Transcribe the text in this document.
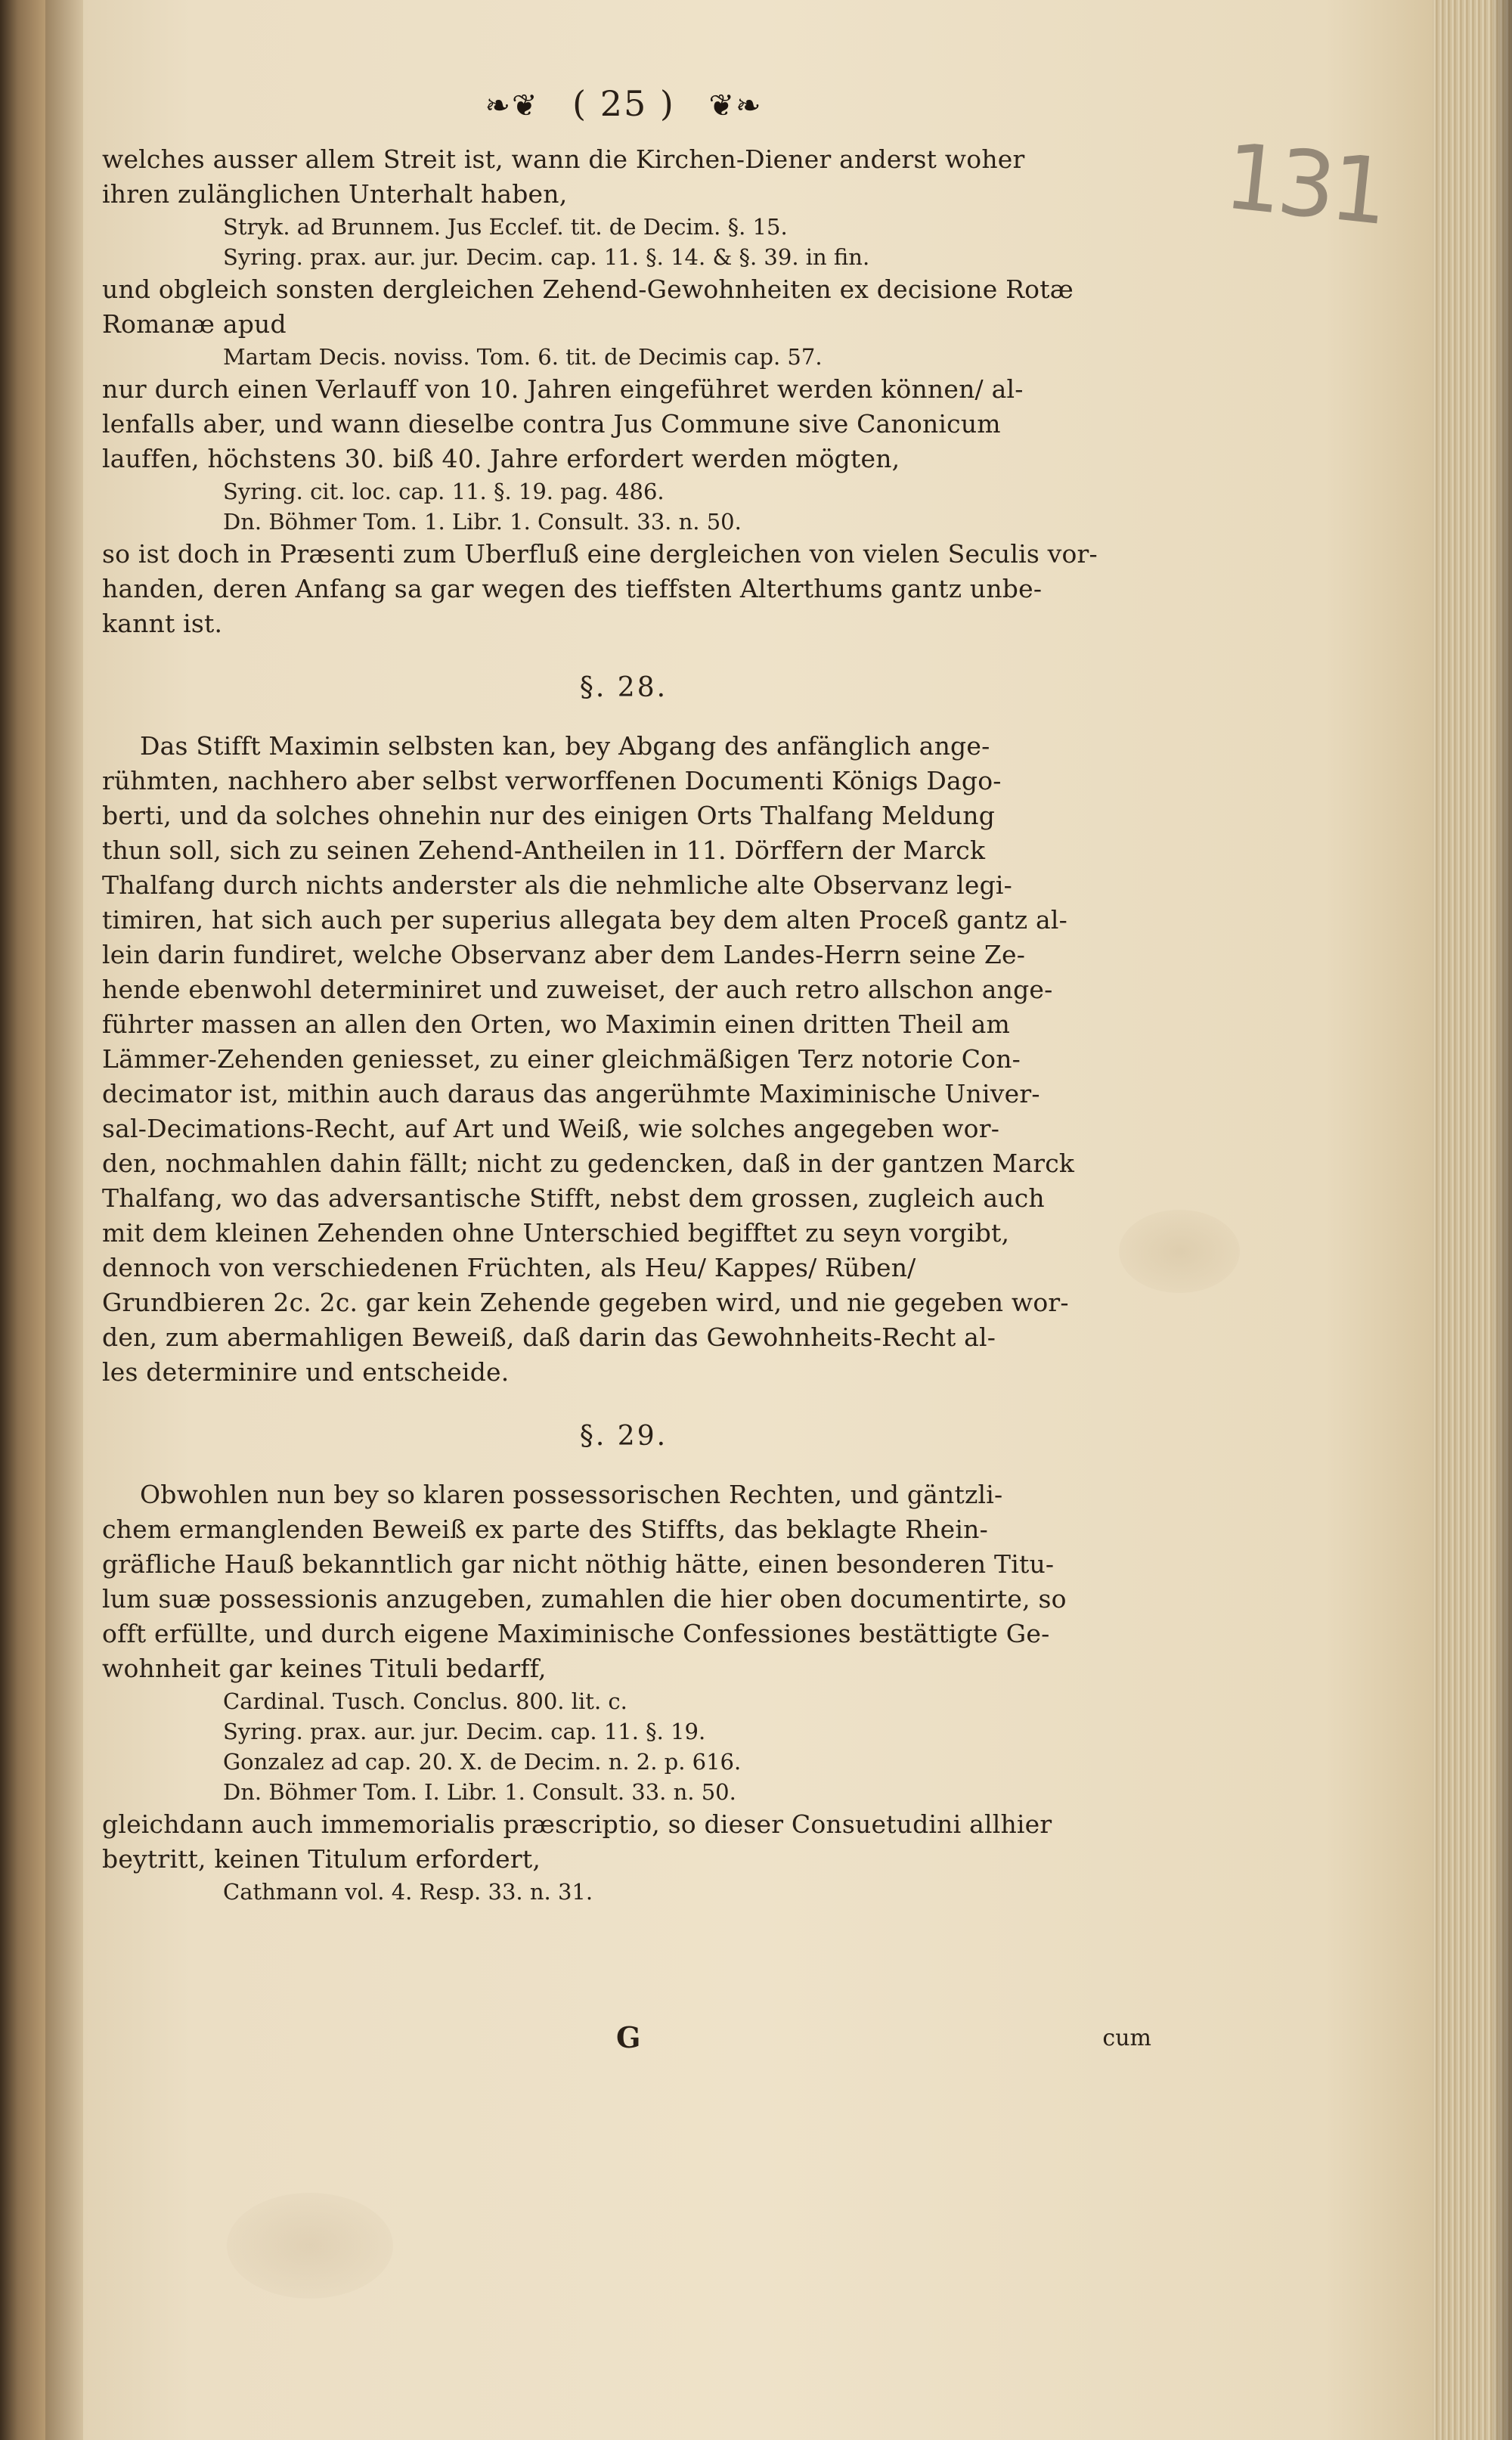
131
❧❦ ( 25 ) ❦❧
welches ausser allem Streit ist, wann die Kirchen-Diener anderst woher
ihren zulänglichen Unterhalt haben,
Stryk. ad Brunnem. Jus Ecclef. tit. de Decim. §. 15.
Syring. prax. aur. jur. Decim. cap. 11. §. 14. & §. 39. in fin.
und obgleich sonsten dergleichen Zehend-Gewohnheiten ex decisione Rotæ
Romanæ apud
Martam Decis. noviss. Tom. 6. tit. de Decimis cap. 57.
nur durch einen Verlauff von 10. Jahren eingeführet werden können/ al-
lenfalls aber, und wann dieselbe contra Jus Commune sive Canonicum
lauffen, höchstens 30. biß 40. Jahre erfordert werden mögten,
Syring. cit. loc. cap. 11. §. 19. pag. 486.
Dn. Böhmer Tom. 1. Libr. 1. Consult. 33. n. 50.
so ist doch in Præsenti zum Uberfluß eine dergleichen von vielen Seculis vor-
handen, deren Anfang sa gar wegen des tieffsten Alterthums gantz unbe-
kannt ist.
§. 28.
Das Stifft Maximin selbsten kan, bey Abgang des anfänglich ange-
rühmten, nachhero aber selbst verworffenen Documenti Königs Dago-
berti, und da solches ohnehin nur des einigen Orts Thalfang Meldung
thun soll, sich zu seinen Zehend-Antheilen in 11. Dörffern der Marck
Thalfang durch nichts anderster als die nehmliche alte Observanz legi-
timiren, hat sich auch per superius allegata bey dem alten Proceß gantz al-
lein darin fundiret, welche Observanz aber dem Landes-Herrn seine Ze-
hende ebenwohl determiniret und zuweiset, der auch retro allschon ange-
führter massen an allen den Orten, wo Maximin einen dritten Theil am
Lämmer-Zehenden geniesset, zu einer gleichmäßigen Terz notorie Con-
decimator ist, mithin auch daraus das angerühmte Maximinische Univer-
sal-Decimations-Recht, auf Art und Weiß, wie solches angegeben wor-
den, nochmahlen dahin fällt; nicht zu gedencken, daß in der gantzen Marck
Thalfang, wo das adversantische Stifft, nebst dem grossen, zugleich auch
mit dem kleinen Zehenden ohne Unterschied begifftet zu seyn vorgibt,
dennoch von verschiedenen Früchten, als Heu/ Kappes/ Rüben/
Grundbieren 2c. 2c. gar kein Zehende gegeben wird, und nie gegeben wor-
den, zum abermahligen Beweiß, daß darin das Gewohnheits-Recht al-
les determinire und entscheide.
§. 29.
Obwohlen nun bey so klaren possessorischen Rechten, und gäntzli-
chem ermanglenden Beweiß ex parte des Stiffts, das beklagte Rhein-
gräfliche Hauß bekanntlich gar nicht nöthig hätte, einen besonderen Titu-
lum suæ possessionis anzugeben, zumahlen die hier oben documentirte, so
offt erfüllte, und durch eigene Maximinische Confessiones bestättigte Ge-
wohnheit gar keines Tituli bedarff,
Cardinal. Tusch. Conclus. 800. lit. c.
Syring. prax. aur. jur. Decim. cap. 11. §. 19.
Gonzalez ad cap. 20. X. de Decim. n. 2. p. 616.
Dn. Böhmer Tom. I. Libr. 1. Consult. 33. n. 50.
gleichdann auch immemorialis præscriptio, so dieser Consuetudini allhier
beytritt, keinen Titulum erfordert,
Cathmann vol. 4. Resp. 33. n. 31.
G	cum
